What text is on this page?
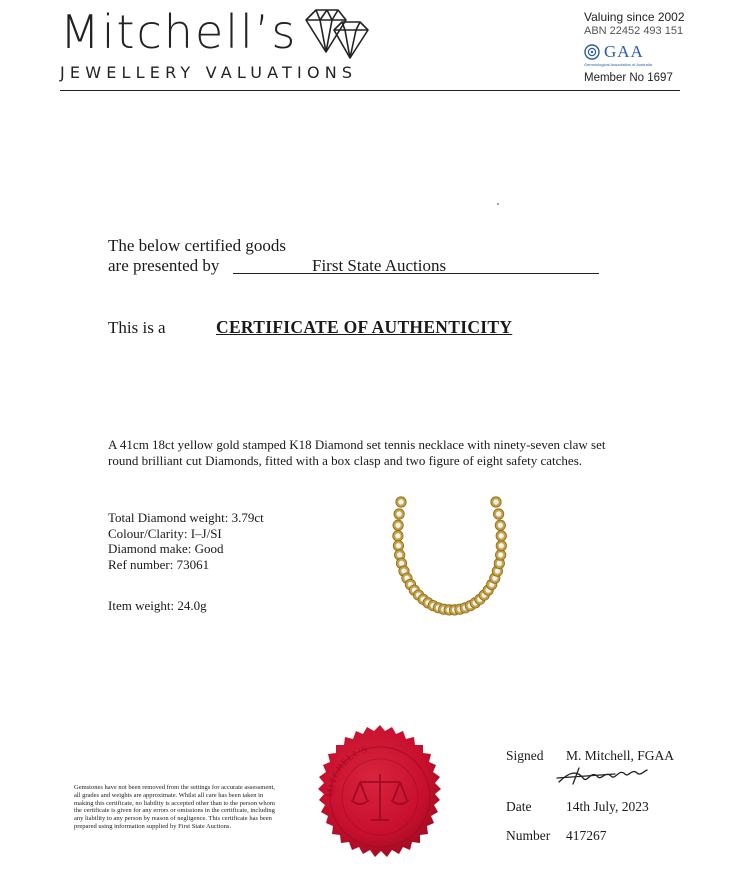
Mitchell’s
JEWELLERY VALUATIONS
Valuing since 2002
ABN 22452 493 151
GAA
Gemmological Association of Australia
Member No 1697
The below certified goods
are presented by	First State Auctions
This is a	CERTIFICATE OF AUTHENTICITY
A 41cm 18ct yellow gold stamped K18 Diamond set tennis necklace with ninety-seven claw set round brilliant cut Diamonds, fitted with a box clasp and two figure of eight safety catches.
Total Diamond weight: 3.79ct
Colour/Clarity: I–J/SI
Diamond make: Good
Ref number: 73061
Item weight: 24.0g
Gemstones have not been removed from the settings for accurate assessment, all grades and weights are approximate. Whilst all care has been taken in making this certificate, no liability is accepted other than to the person whom the certificate is given for any errors or omissions in the certificate, including any liability to any person by reason of negligence. This certificate has been prepared using information supplied by First State Auctions.
MITCHELL'S	Signed M. Mitchell, FGAA
Date	14th July, 2023
Number 417267
